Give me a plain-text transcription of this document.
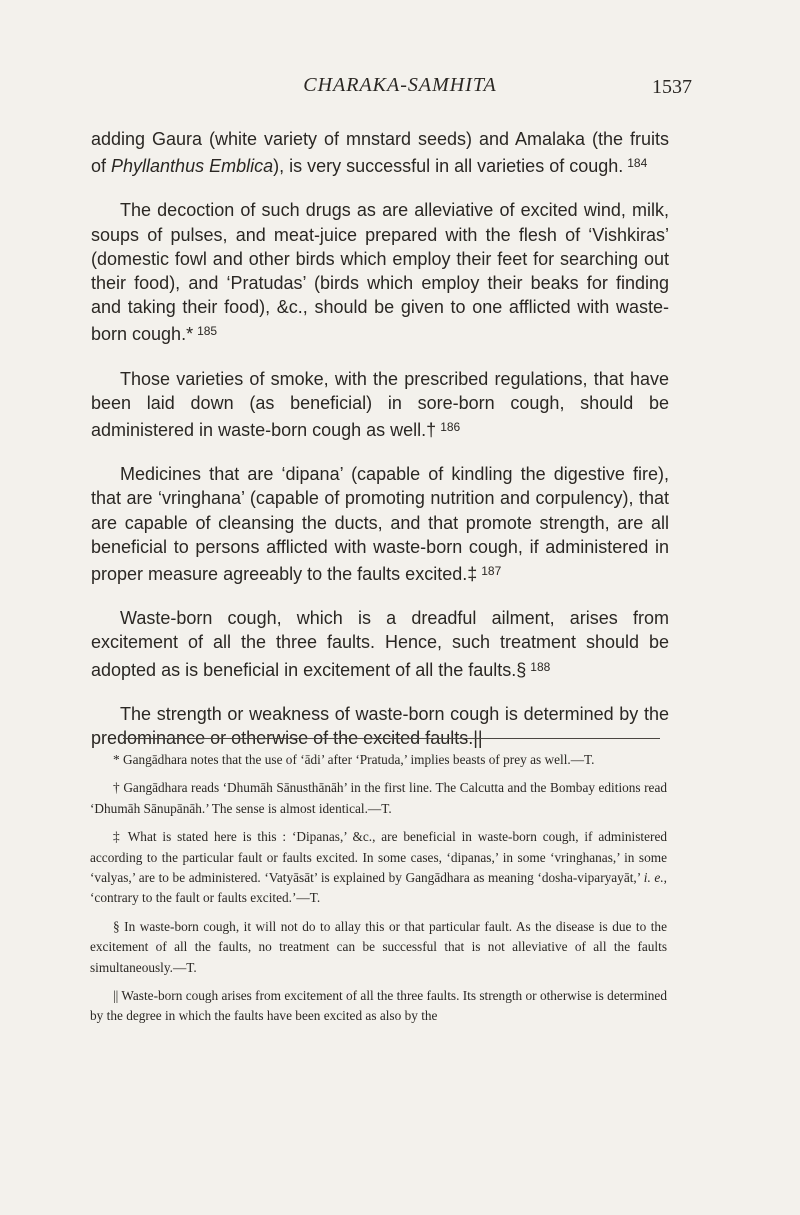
CHARAKA-SAMHITA	1537

adding Gaura (white variety of mnstard seeds) and Amalaka (the fruits of Phyllanthus Emblica), is very successful in all varieties of cough. $^{184}$

The decoction of such drugs as are alleviative of excited wind, milk, soups of pulses, and meat-juice prepared with the flesh of ‘Vishkiras’ (domestic fowl and other birds which employ their feet for searching out their food), and ‘Pratudas’ (birds which employ their beaks for finding and taking their food), &c., should be given to one afflicted with waste-born cough.* $^{185}$

Those varieties of smoke, with the prescribed regulations, that have been laid down (as beneficial) in sore-born cough, should be administered in waste-born cough as well.† $^{186}$

Medicines that are ‘dipana’ (capable of kindling the digestive fire), that are ‘vringhana’ (capable of promoting nutrition and corpulency), that are capable of cleansing the ducts, and that promote strength, are all beneficial to persons afflicted with waste-born cough, if administered in proper measure agreeably to the faults excited.‡ $^{187}$

Waste-born cough, which is a dreadful ailment, arises from excitement of all the three faults. Hence, such treatment should be adopted as is beneficial in excitement of all the faults.§ $^{188}$

The strength or weakness of waste-born cough is determined by the predominance or otherwise of the excited faults.||

* Gangādhara notes that the use of ‘ādi’ after ‘Pratuda,’ implies beasts of prey as well.—T.

† Gangādhara reads ‘Dhumāh Sānusthānāh’ in the first line. The Calcutta and the Bombay editions read ‘Dhumāh Sānupānāh.’ The sense is almost identical.—T.

‡ What is stated here is this : ‘Dipanas,’ &c., are beneficial in waste-born cough, if administered according to the particular fault or faults excited. In some cases, ‘dipanas,’ in some ‘vringhanas,’ in some ‘valyas,’ are to be administered. ‘Vatyāsāt’ is explained by Gangādhara as meaning ‘dosha-viparyayāt,’ i. e., ‘contrary to the fault or faults excited.’—T.

§ In waste-born cough, it will not do to allay this or that particular fault. As the disease is due to the excitement of all the faults, no treatment can be successful that is not alleviative of all the faults simultaneously.—T.

|| Waste-born cough arises from excitement of all the three faults. Its strength or otherwise is determined by the degree in which the faults have been excited as also by the
